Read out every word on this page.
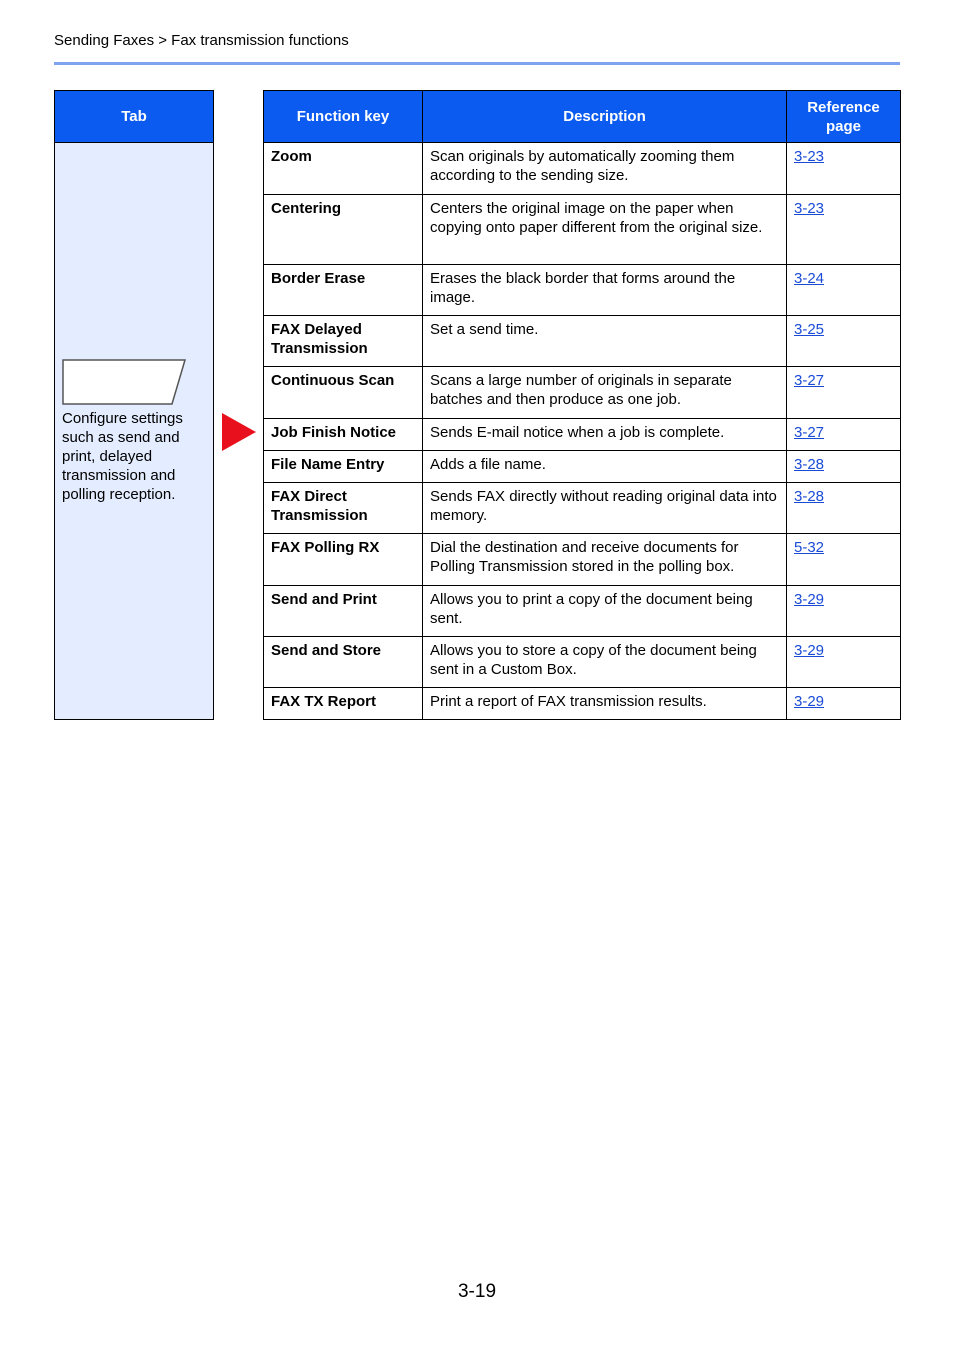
Sending Faxes > Fax transmission functions
Tab
Configure settings such as send and print, delayed transmission and polling reception.
Function key	Description	Reference page
Zoom	Scan originals by automatically zooming them according to the sending size.	3-23
Centering	Centers the original image on the paper when copying onto paper different from the original size.	3-23
Border Erase	Erases the black border that forms around the image.	3-24
FAX Delayed Transmission	Set a send time.	3-25
Continuous Scan	Scans a large number of originals in separate batches and then produce as one job.	3-27
Job Finish Notice	Sends E-mail notice when a job is complete.	3-27
File Name Entry	Adds a file name.	3-28
FAX Direct Transmission	Sends FAX directly without reading original data into memory.	3-28
FAX Polling RX	Dial the destination and receive documents for Polling Transmission stored in the polling box.	5-32
Send and Print	Allows you to print a copy of the document being sent.	3-29
Send and Store	Allows you to store a copy of the document being sent in a Custom Box.	3-29
FAX TX Report	Print a report of FAX transmission results.	3-29
3-19
